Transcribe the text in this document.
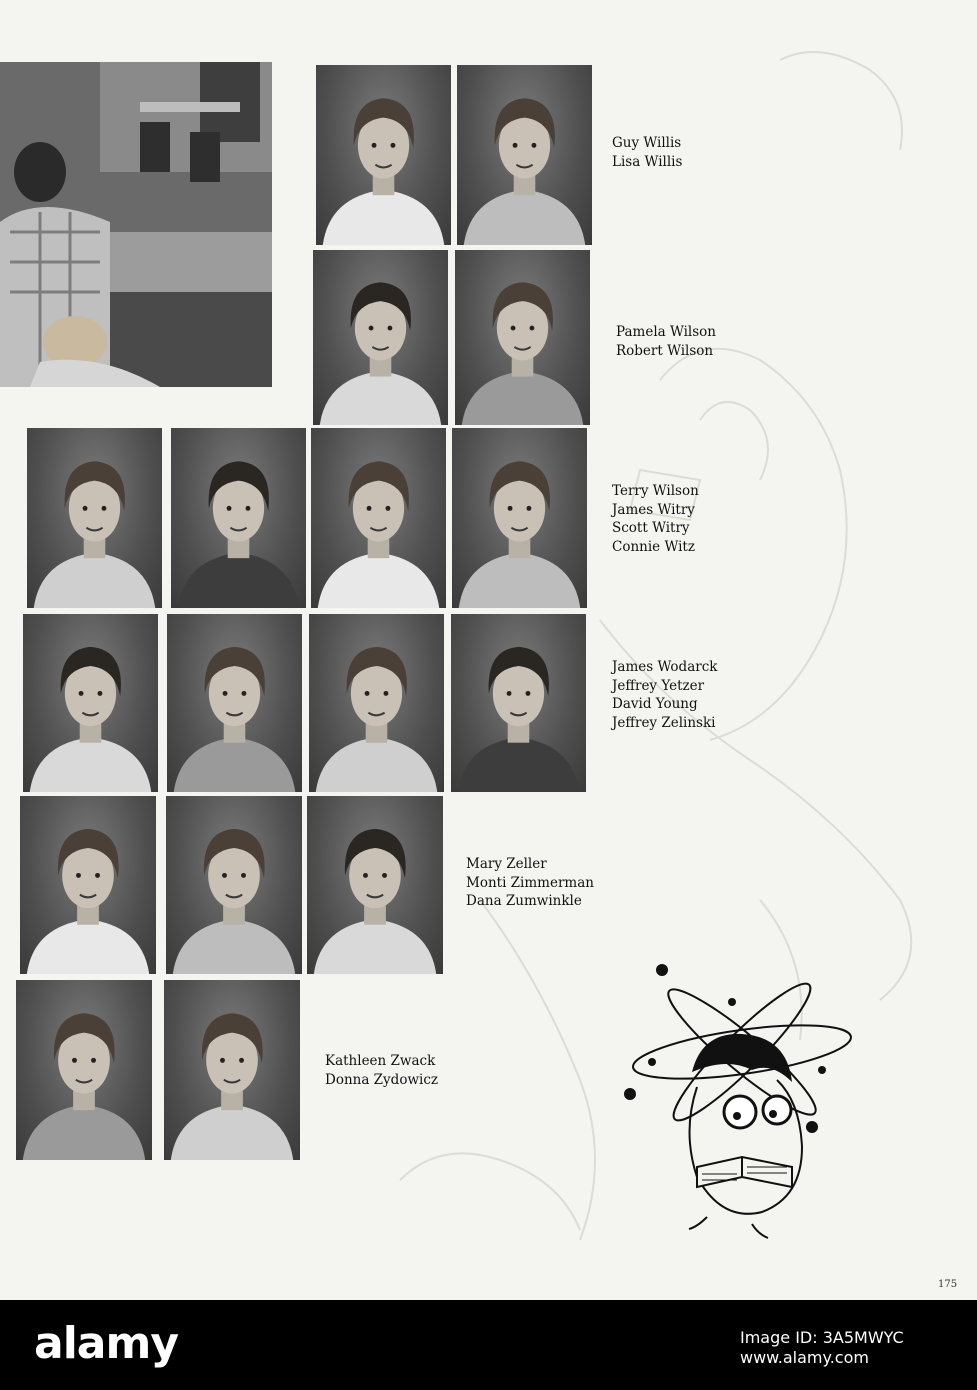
Guy Willis
Lisa Willis
Pamela Wilson
Robert Wilson
Terry Wilson
James Witry
Scott Witry
Connie Witz
James Wodarck
Jeffrey Yetzer
David Young
Jeffrey Zelinski
Mary Zeller
Monti Zimmerman
Dana Zumwinkle
Kathleen Zwack
Donna Zydowicz
175
alamy	Image ID: 3A5MWYC
www.alamy.com
